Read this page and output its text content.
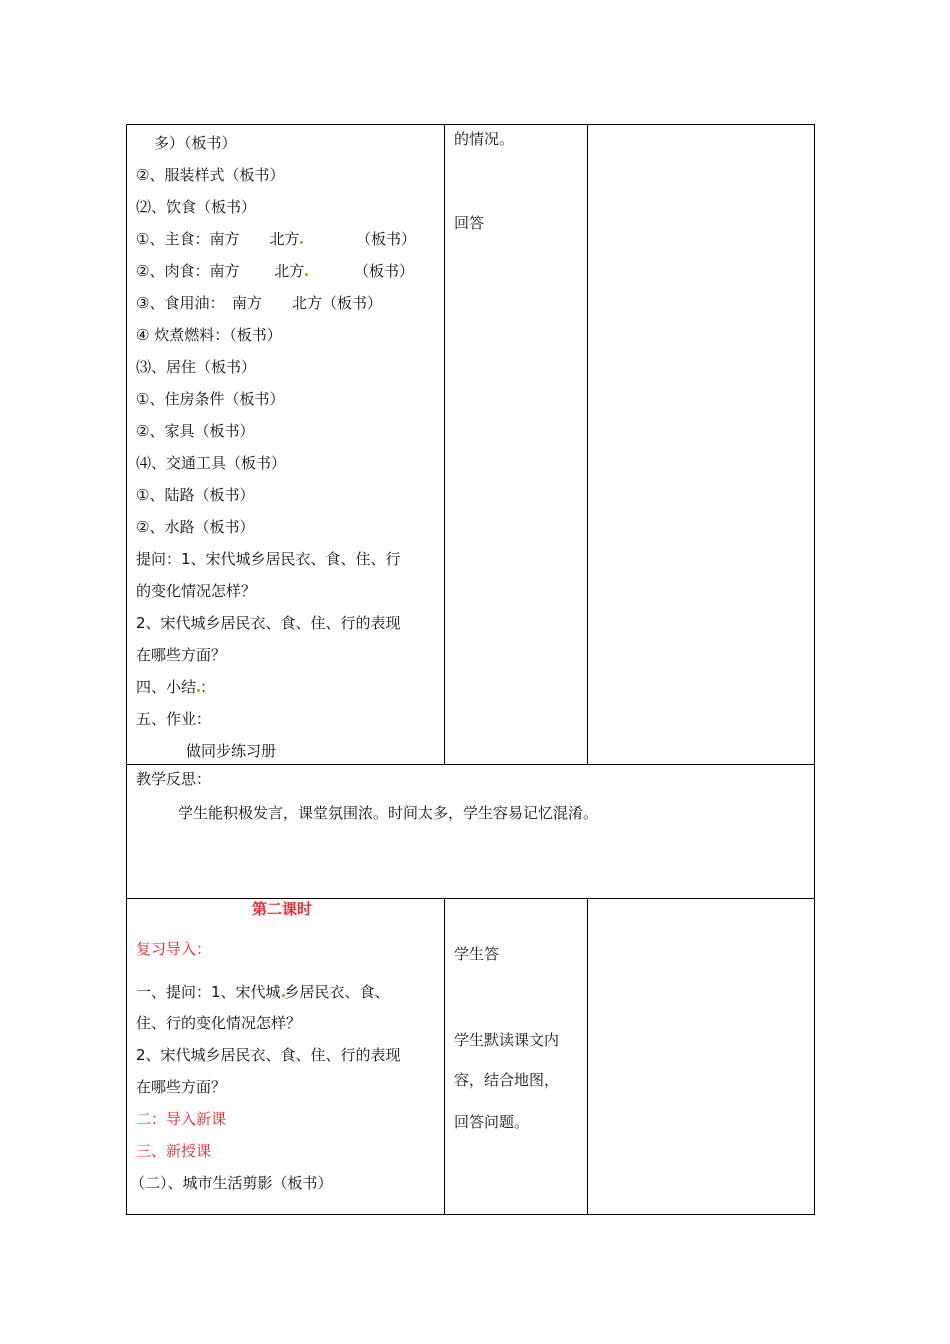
多）（板书）
②、服装样式（板书）
⑵、饮食（板书）
①、主食：南方　　北方	（板书）
②、肉食：南方　　 北方	（板书）
③、食用油：　南方　　北方（板书）
④ 炊煮燃料：（板书）
⑶、居住（板书）
①、住房条件（板书）
②、家具（板书）
⑷、交通工具（板书）
①、陆路（板书）
②、水路（板书）
提问：1、宋代城乡居民衣、食、住、行
的变化情况怎样？
2、宋代城乡居民衣、食、住、行的表现
在哪些方面？
四、小结 ：
五、作业：
做同步练习册
的情况。
回答
教学反思：
学生能积极发言，课堂氛围浓。时间太多，学生容易记忆混淆。
第二课时
复习导入：
一、提问：1、宋代城 乡居民衣、食、
住、行的变化情况怎样？
2、宋代城乡居民衣、食、住、行的表现
在哪些方面？
二：导入新课
三、新授课
（二）、城市生活剪影（板书）
学生答
学生默读课文内
容，结合地图，
回答问题。
